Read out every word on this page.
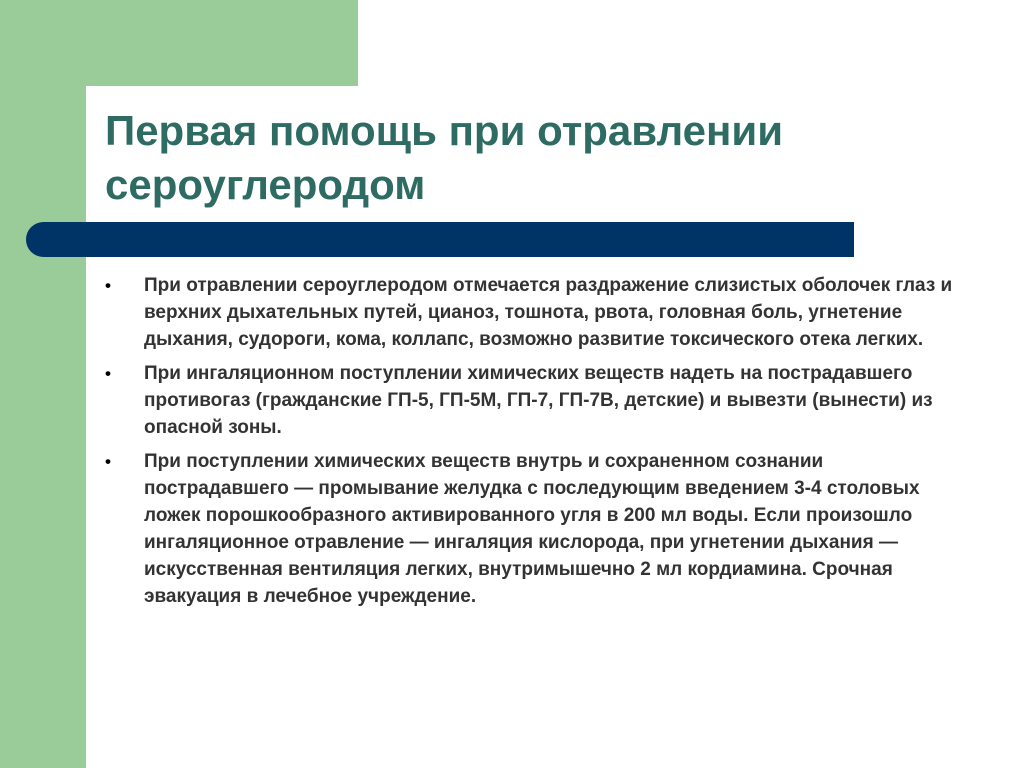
Первая помощь при отравлении
сероуглеродом
• При отравлении сероуглеродом отмечается раздражение слизистых оболочек глаз и верхних дыхательных путей, цианоз, тошнота, рвота, головная боль, угнетение дыхания, судороги, кома, коллапс, возможно развитие токсического отека легких.
• При ингаляционном поступлении химических веществ надеть на пострадавшего противогаз (гражданские ГП-5, ГП-5М, ГП-7, ГП-7В, детские) и вывезти (вынести) из опасной зоны.
• При поступлении химических веществ внутрь и сохраненном сознании пострадавшего — промывание желудка с последующим введением 3-4 столовых ложек порошкообразного активированного угля в 200 мл воды. Если произошло ингаляционное отравление — ингаляция кислорода, при угнетении дыхания — искусственная вентиляция легких, внутримышечно 2 мл кордиамина. Срочная эвакуация в лечебное учреждение.
